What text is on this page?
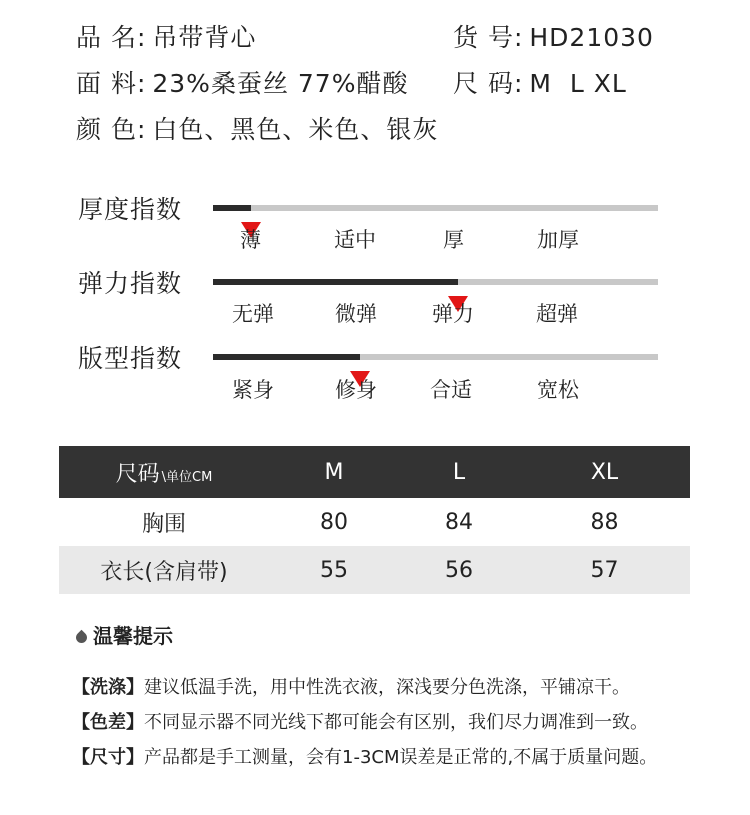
品 名: 吊带背心	货 号: HD21030
面 料: 23%桑蚕丝 77%醋酸 尺 码: M  L XL
颜 色: 白色、黑色、米色、银灰
厚度指数
薄	适中	厚	加厚
弹力指数
无弹	微弹	弹力	超弹
版型指数
紧身	修身	合适	宽松
尺码 \单位CM	M	L	XL
胸围	80	84	88
衣长(含肩带)	55	56	57
温馨提示
【洗涤】建议低温手洗，用中性洗衣液，深浅要分色洗涤，平铺凉干。
【色差】不同显示器不同光线下都可能会有区别，我们尽力调准到一致。
【尺寸】产品都是手工测量，会有1-3CM误差是正常的,不属于质量问题。
